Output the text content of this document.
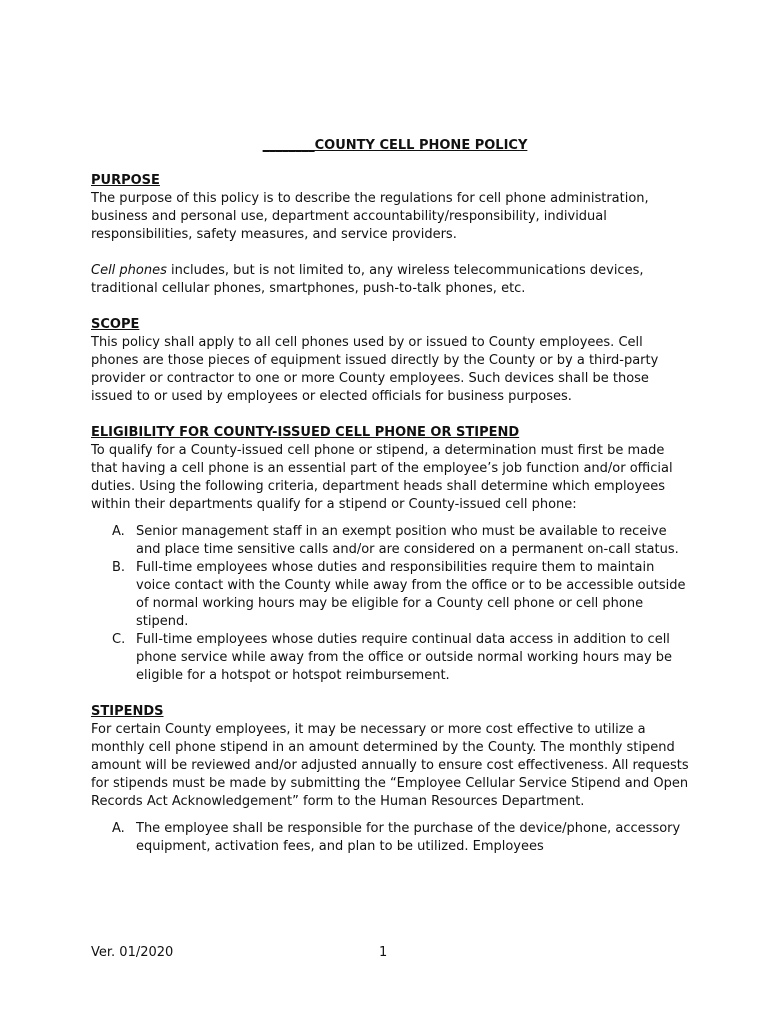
________COUNTY CELL PHONE POLICY

PURPOSE

The purpose of this policy is to describe the regulations for cell phone administration, business and personal use, department accountability/responsibility, individual responsibilities, safety measures, and service providers.

Cell phones includes, but is not limited to, any wireless telecommunications devices, traditional cellular phones, smartphones, push-to-talk phones, etc.

SCOPE

This policy shall apply to all cell phones used by or issued to County employees. Cell phones are those pieces of equipment issued directly by the County or by a third-party provider or contractor to one or more County employees. Such devices shall be those issued to or used by employees or elected officials for business purposes.

ELIGIBILITY FOR COUNTY-ISSUED CELL PHONE OR STIPEND

To qualify for a County-issued cell phone or stipend, a determination must first be made that having a cell phone is an essential part of the employee’s job function and/or official duties. Using the following criteria, department heads shall determine which employees within their departments qualify for a stipend or County-issued cell phone:

A. Senior management staff in an exempt position who must be available to receive and place time sensitive calls and/or are considered on a permanent on-call status.
B. Full-time employees whose duties and responsibilities require them to maintain voice contact with the County while away from the office or to be accessible outside of normal working hours may be eligible for a County cell phone or cell phone stipend.
C. Full-time employees whose duties require continual data access in addition to cell phone service while away from the office or outside normal working hours may be eligible for a hotspot or hotspot reimbursement.

STIPENDS

For certain County employees, it may be necessary or more cost effective to utilize a monthly cell phone stipend in an amount determined by the County. The monthly stipend amount will be reviewed and/or adjusted annually to ensure cost effectiveness. All requests for stipends must be made by submitting the “Employee Cellular Service Stipend and Open Records Act Acknowledgement” form to the Human Resources Department.

A. The employee shall be responsible for the purchase of the device/phone, accessory equipment, activation fees, and plan to be utilized. Employees
Ver. 01/2020	1
